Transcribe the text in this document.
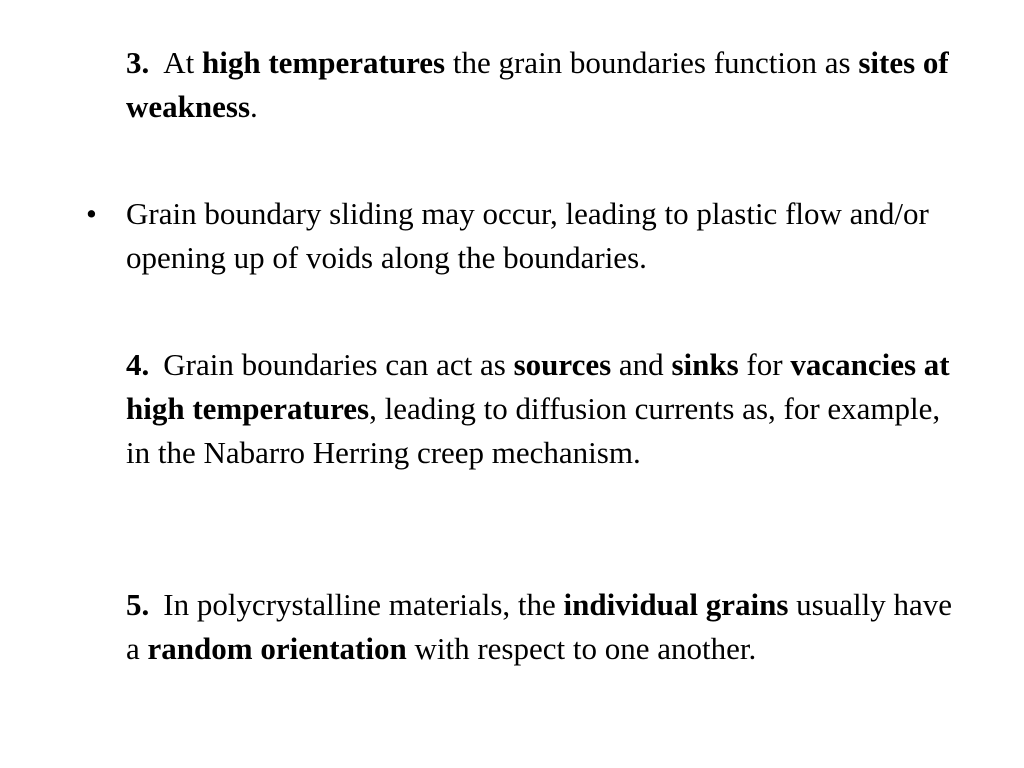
3. At high temperatures the grain boundaries function as sites of weakness.

• Grain boundary sliding may occur, leading to plastic flow and/or opening up of voids along the boundaries.

4. Grain boundaries can act as sources and sinks for vacancies at high temperatures, leading to diffusion currents as, for example, in the Nabarro Herring creep mechanism.

5. In polycrystalline materials, the individual grains usually have a random orientation with respect to one another.
